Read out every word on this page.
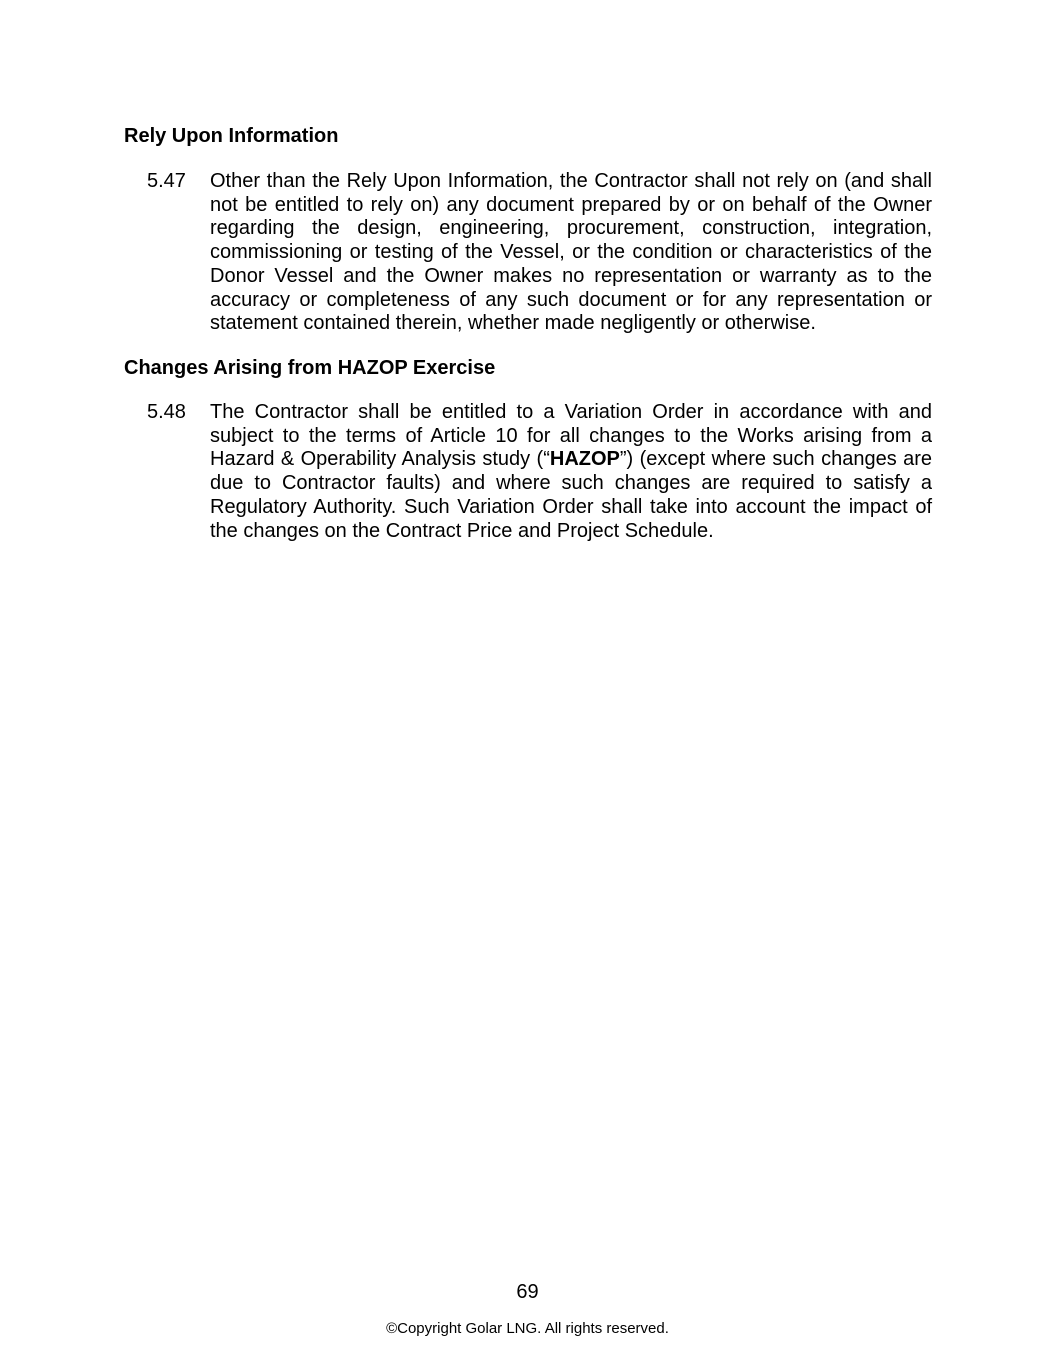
Rely Upon Information
5.47 Other than the Rely Upon Information, the Contractor shall not rely on (and shall not be entitled to rely on) any document prepared by or on behalf of the Owner regarding the design, engineering, procurement, construction, integration, commissioning or testing of the Vessel, or the condition or characteristics of the Donor Vessel and the Owner makes no representation or warranty as to the accuracy or completeness of any such document or for any representation or statement contained therein, whether made negligently or otherwise.

Changes Arising from HAZOP Exercise
5.48 The Contractor shall be entitled to a Variation Order in accordance with and subject to the terms of Article 10 for all changes to the Works arising from a Hazard & Operability Analysis study (“HAZOP”) (except where such changes are due to Contractor faults) and where such changes are required to satisfy a Regulatory Authority. Such Variation Order shall take into account the impact of the changes on the Contract Price and Project Schedule.

69
©Copyright Golar LNG. All rights reserved.
